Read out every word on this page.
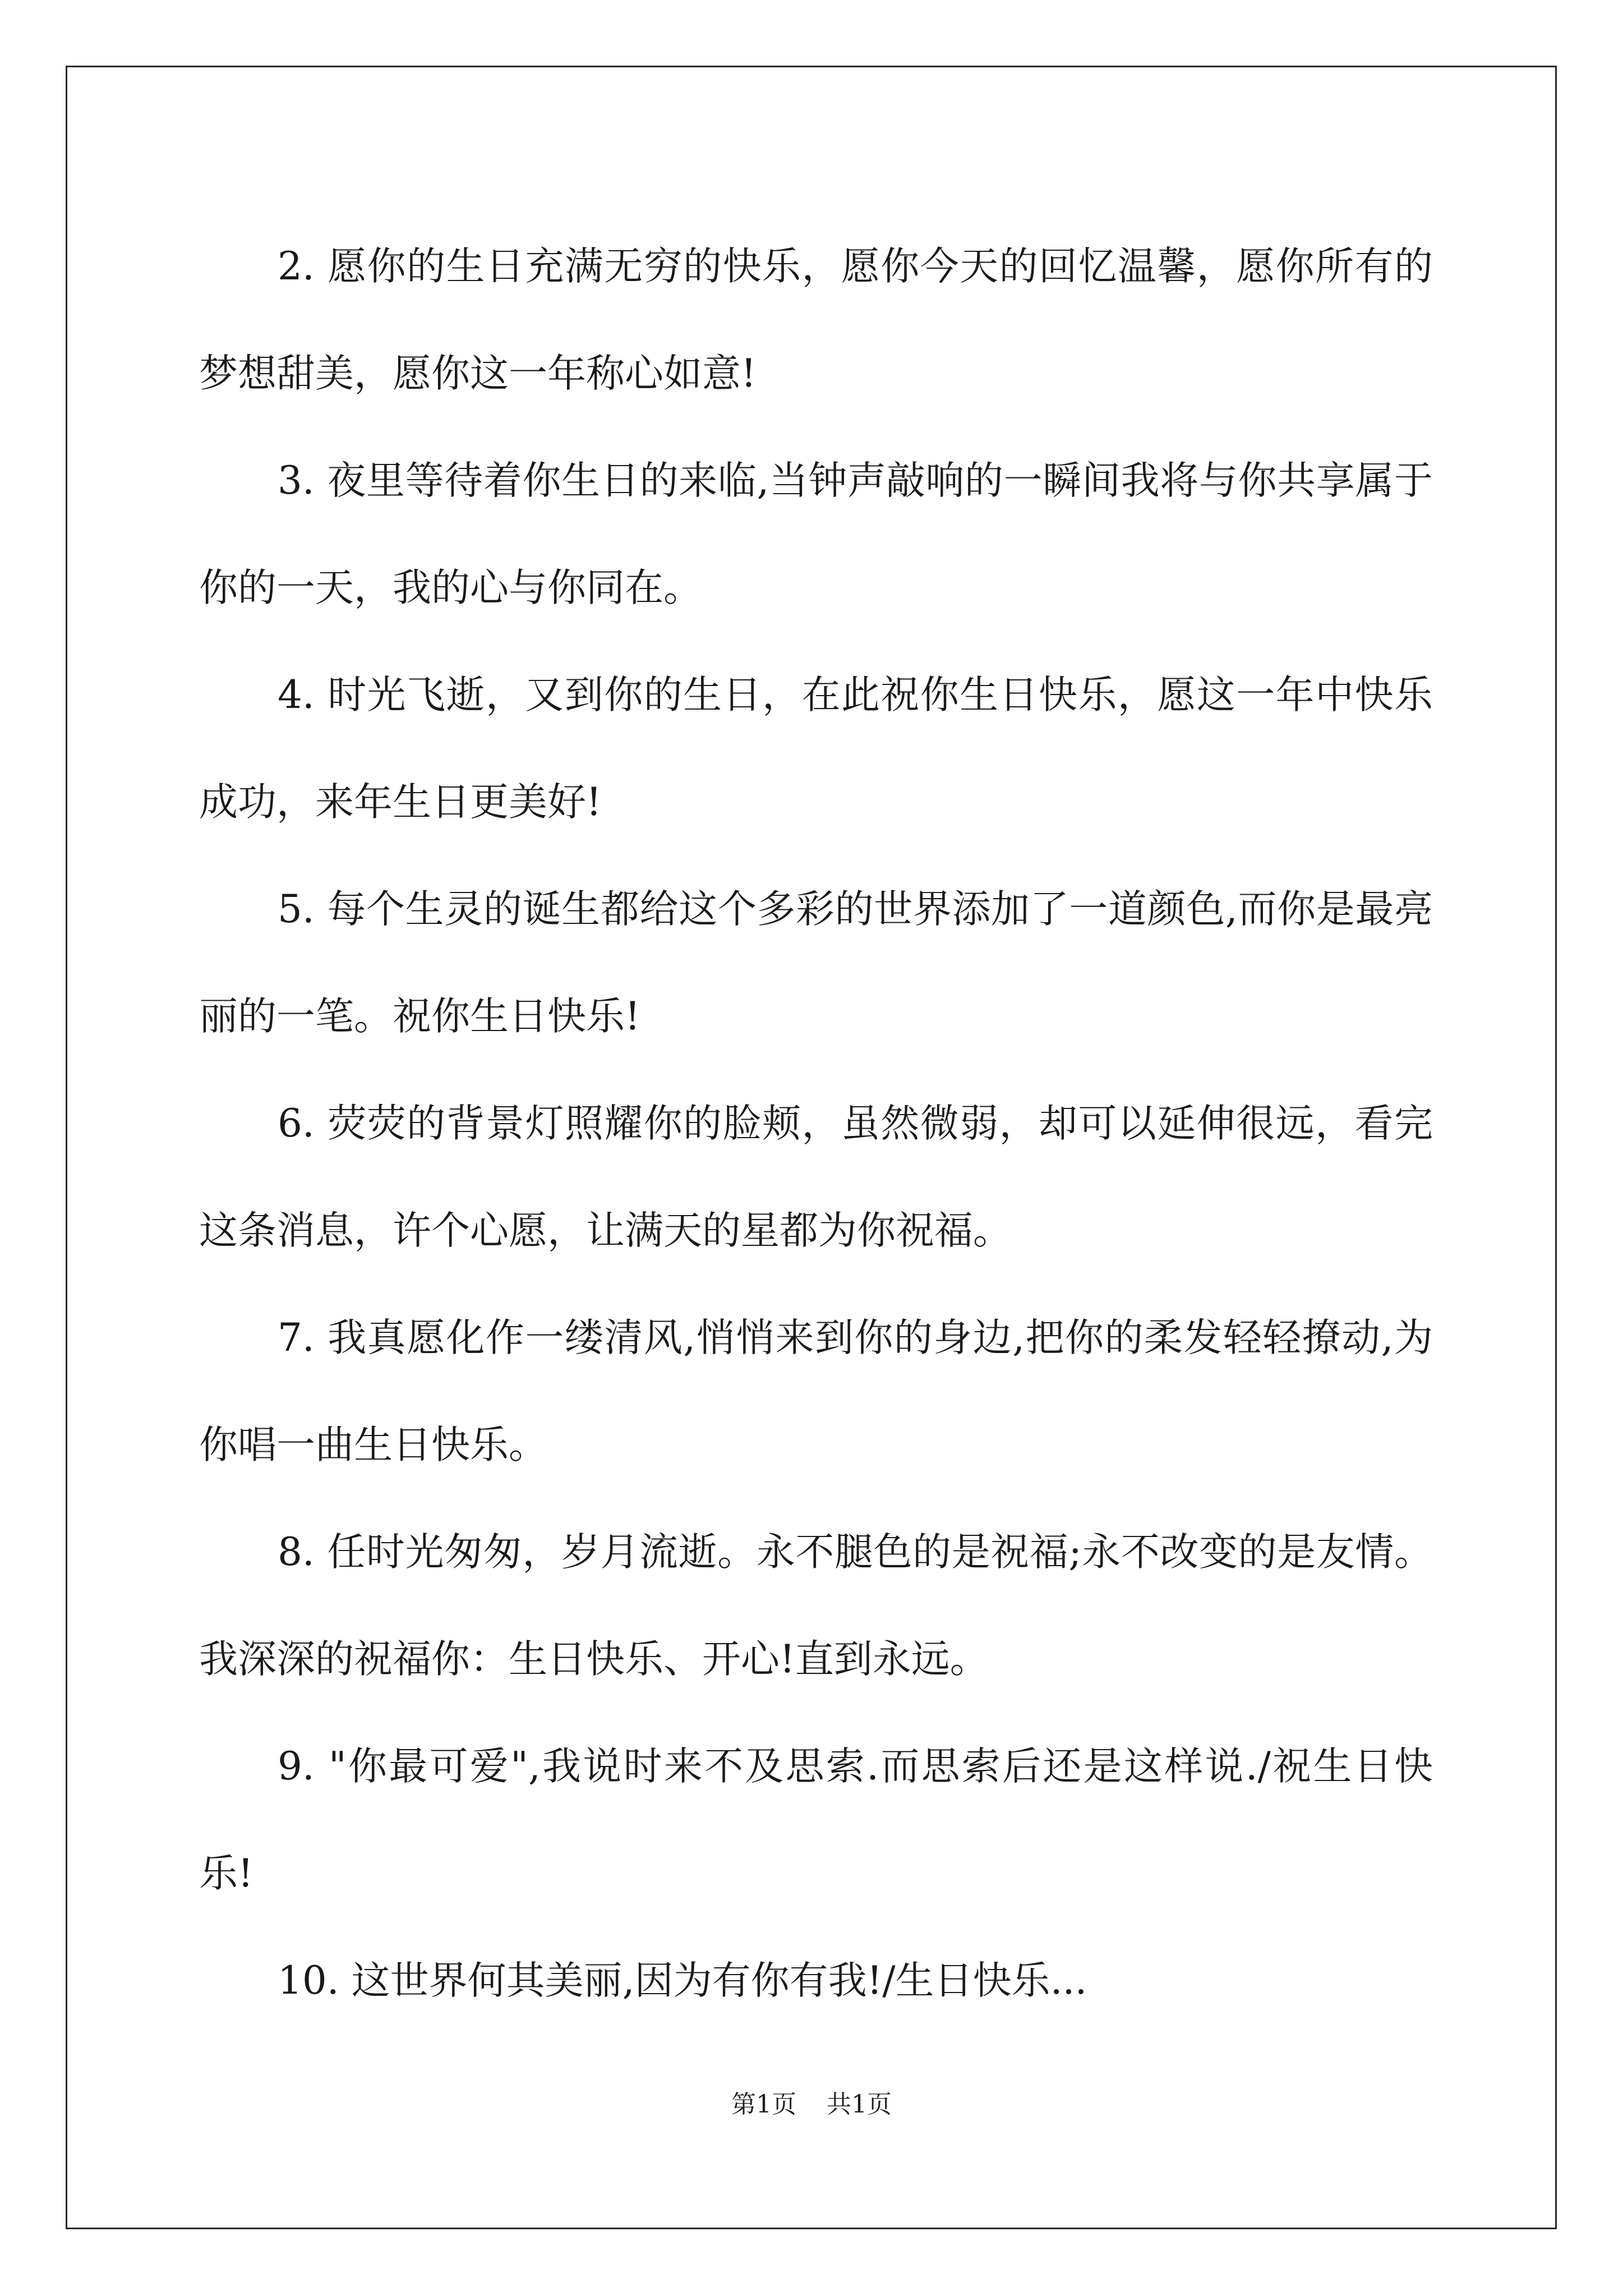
2. 愿你的生日充满无穷的快乐，愿你今天的回忆温馨，愿你所有的梦想甜美，愿你这一年称心如意!

3. 夜里等待着你生日的来临,当钟声敲响的一瞬间我将与你共享属于你的一天，我的心与你同在。

4. 时光飞逝，又到你的生日，在此祝你生日快乐，愿这一年中快乐成功，来年生日更美好!

5. 每个生灵的诞生都给这个多彩的世界添加了一道颜色,而你是最亮丽的一笔。祝你生日快乐!

6. 荧荧的背景灯照耀你的脸颊，虽然微弱，却可以延伸很远，看完这条消息，许个心愿，让满天的星都为你祝福。

7. 我真愿化作一缕清风,悄悄来到你的身边,把你的柔发轻轻撩动,为你唱一曲生日快乐。

8. 任时光匆匆，岁月流逝。永不腿色的是祝福;永不改变的是友情。我深深的祝福你：生日快乐、开心!直到永远。

9. "你最可爱",我说时来不及思索.而思索后还是这样说./祝生日快乐!

10. 这世界何其美丽,因为有你有我!/生日快乐...

第1页 共1页
